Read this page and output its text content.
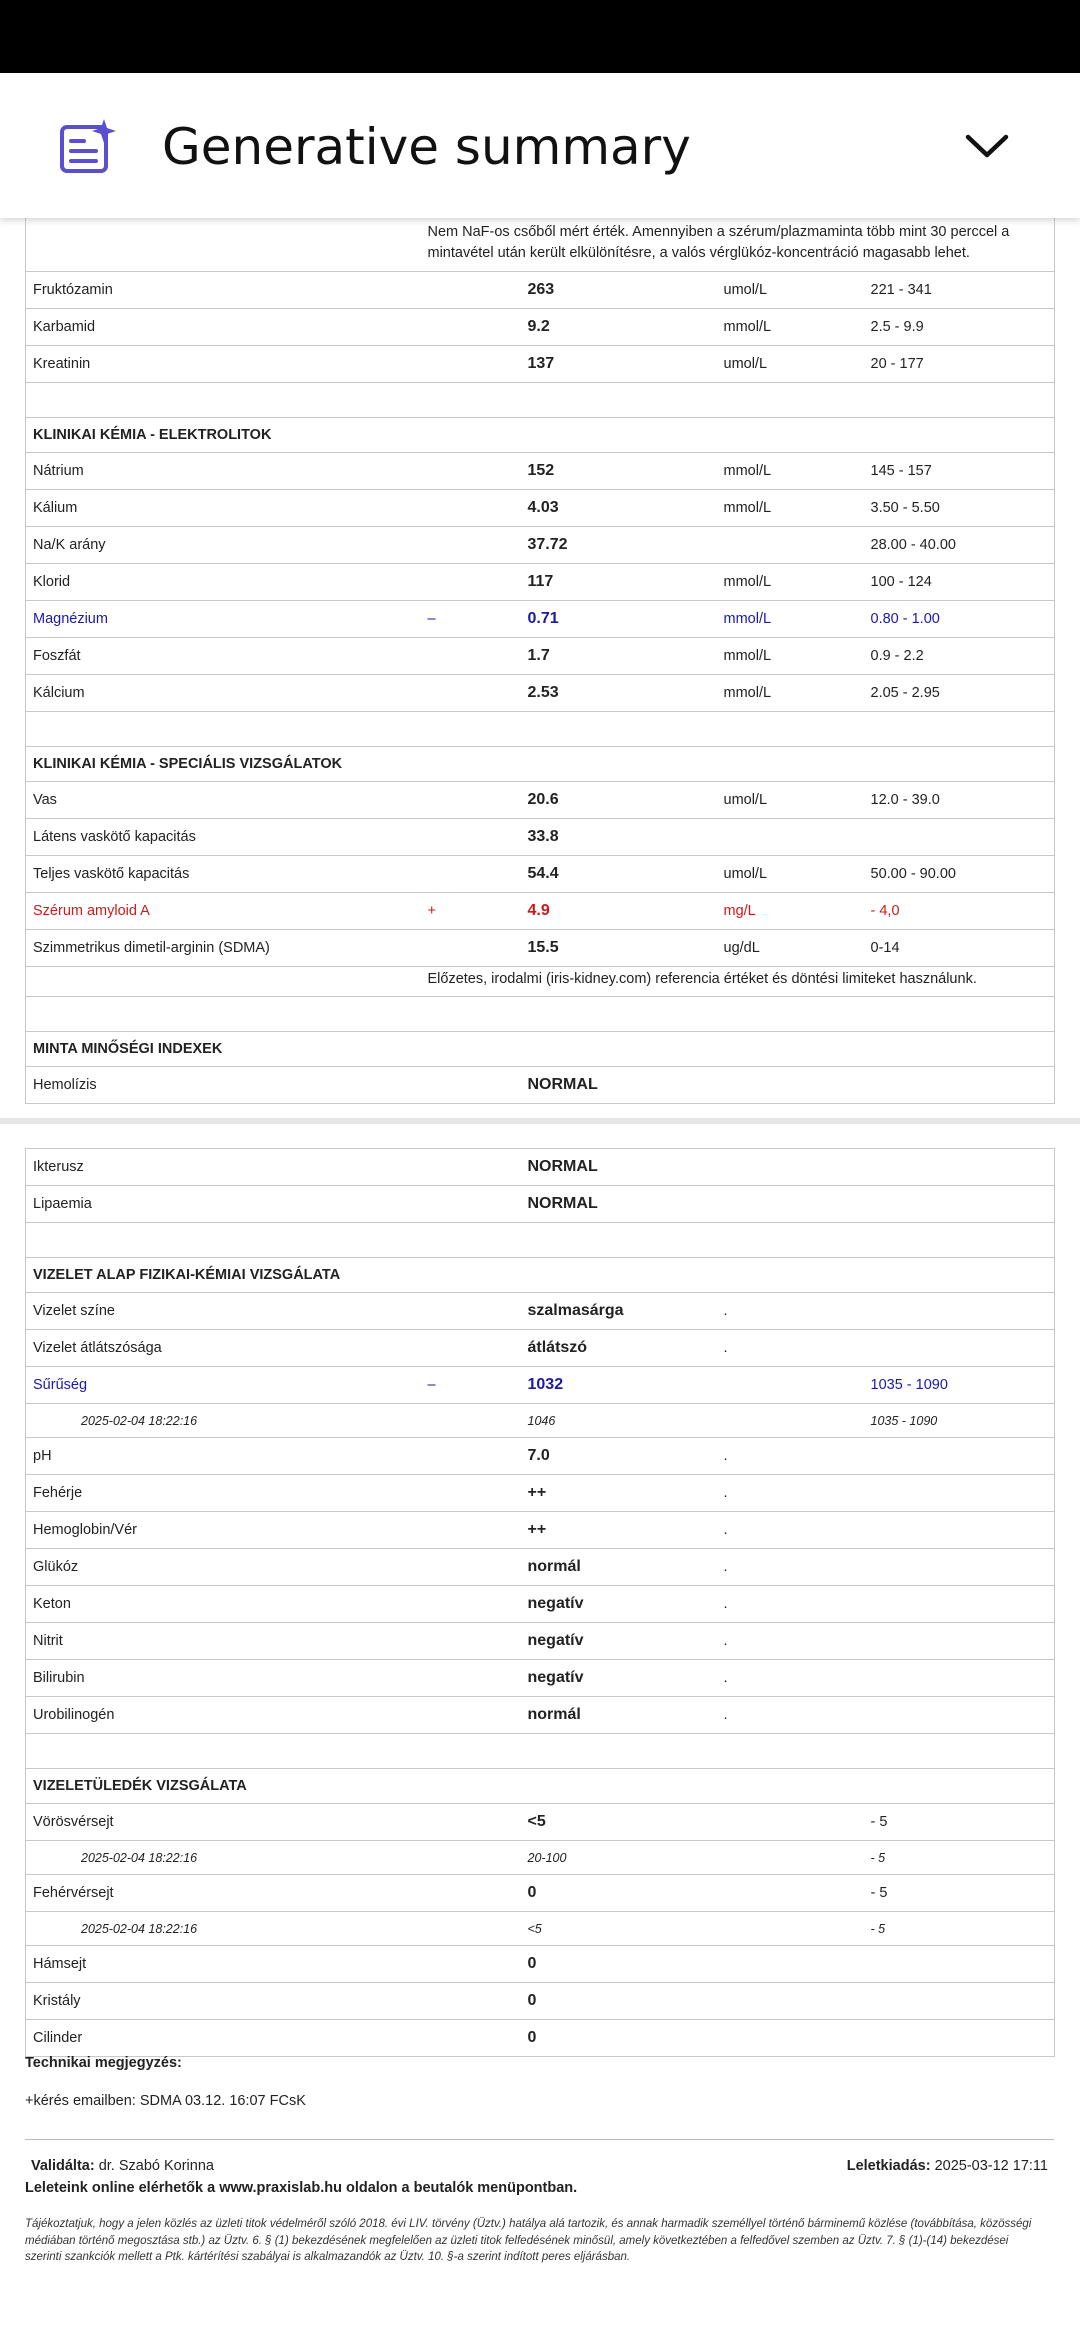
Generative summary
	Nem NaF-os csőből mért érték. Amennyiben a szérum/plazmaminta több mint 30 perccel a mintavétel után került elkülönítésre, a valós vérglükóz-koncentráció magasabb lehet.			
Fruktózamin		263	umol/L	221 - 341
Karbamid		9.2	mmol/L	2.5 - 9.9
Kreatinin		137	umol/L	20 - 177

KLINIKAI KÉMIA - ELEKTROLITOK				
Nátrium		152	mmol/L	145 - 157
Kálium		4.03	mmol/L	3.50 - 5.50
Na/K arány		37.72		28.00 - 40.00
Klorid		117	mmol/L	100 - 124
Magnézium	–	0.71	mmol/L	0.80 - 1.00
Foszfát		1.7	mmol/L	0.9 - 2.2
Kálcium		2.53	mmol/L	2.05 - 2.95

KLINIKAI KÉMIA - SPECIÁLIS VIZSGÁLATOK				
Vas		20.6	umol/L	12.0 - 39.0
Látens vaskötő kapacitás		33.8		
Teljes vaskötő kapacitás		54.4	umol/L	50.00 - 90.00
Szérum amyloid A	+	4.9	mg/L	- 4,0
Szimmetrikus dimetil-arginin (SDMA)		15.5	ug/dL	0-14
	Előzetes, irodalmi (iris-kidney.com) referencia értéket és döntési limiteket használunk.			

MINTA MINŐSÉGI INDEXEK				
Hemolízis		NORMAL		
Ikterusz		NORMAL		
Lipaemia		NORMAL		

VIZELET ALAP FIZIKAI-KÉMIAI VIZSGÁLATA				
Vizelet színe		szalmasárga	.	
Vizelet átlátszósága		átlátszó	.	
Sűrűség	–	1032		1035 - 1090
2025-02-04 18:22:16		1046		1035 - 1090
pH		7.0	.	
Fehérje		++	.	
Hemoglobin/Vér		++	.	
Glükóz		normál	.	
Keton		negatív	.	
Nitrit		negatív	.	
Bilirubin		negatív	.	
Urobilinogén		normál	.	

VIZELETÜLEDÉK VIZSGÁLATA				
Vörösvérsejt		<5		- 5
2025-02-04 18:22:16		20-100		- 5
Fehérvérsejt		0		- 5
2025-02-04 18:22:16		<5		- 5
Hámsejt		0		
Kristály		0		
Cilinder		0		
Technikai megjegyzés:
+kérés emailben: SDMA 03.12. 16:07 FCsK
Validálta: dr. Szabó Korinna	Leletkiadás: 2025-03-12 17:11
Leleteink online elérhetők a www.praxislab.hu oldalon a beutalók menüpontban.
Tájékoztatjuk, hogy a jelen közlés az üzleti titok védelméről szóló 2018. évi LIV. törvény (Üztv.) hatálya alá tartozik, és annak harmadik személlyel történő bárminemű közlése (továbbítása, közösségi médiában történő megosztása stb.) az Üztv. 6. § (1) bekezdésének megfelelően az üzleti titok felfedésének minősül, amely következtében a felfedővel szemben az Üztv. 7. § (1)-(14) bekezdései szerinti szankciók mellett a Ptk. kártérítési szabályai is alkalmazandók az Üztv. 10. §-a szerint indított peres eljárásban.
